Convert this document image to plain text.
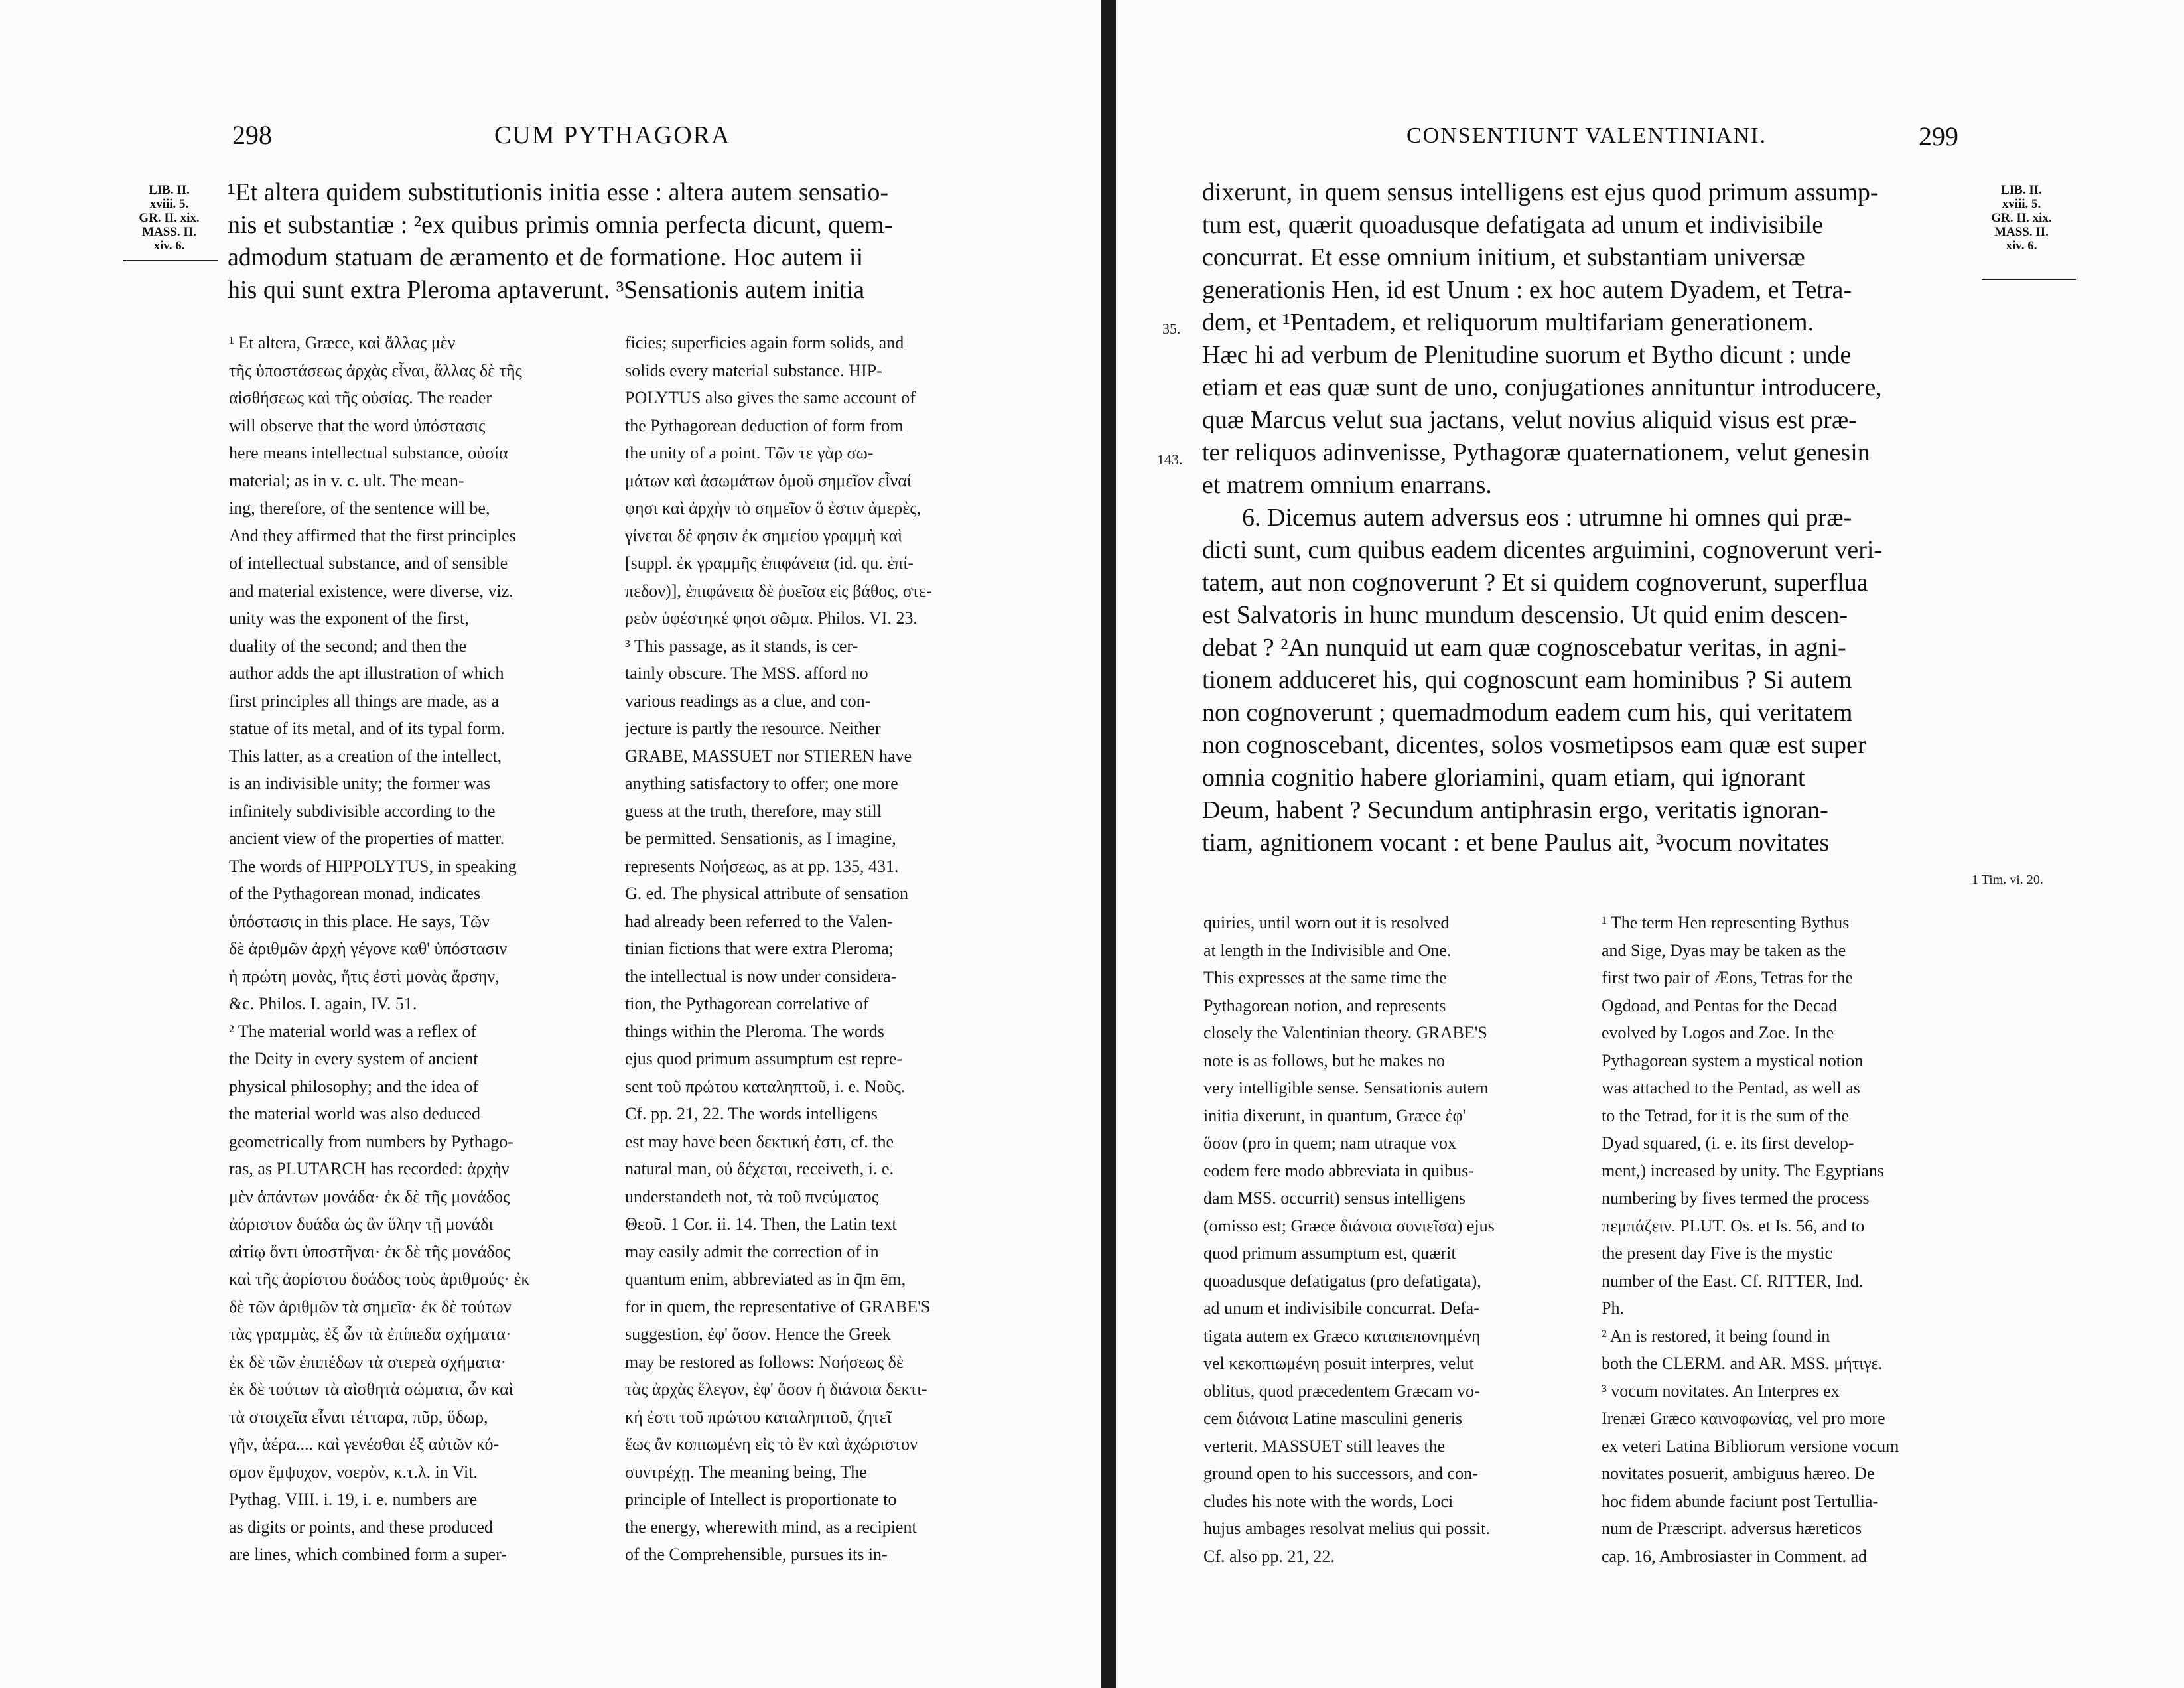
298	CUM PYTHAGORA
LIB. II.
xviii. 5.
GR. II. xix.
MASS. II.
xiv. 6.
¹Et altera quidem substitutionis initia esse : altera autem sensatio-
nis et substantiæ : ²ex quibus primis omnia perfecta dicunt, quem-
admodum statuam de æramento et de formatione. Hoc autem ii
his qui sunt extra Pleroma aptaverunt. ³Sensationis autem initia
¹ Et altera, Græce, καὶ ἄλλας μὲν
τῆς ὑποστάσεως ἀρχὰς εἶναι, ἄλλας δὲ τῆς
αἰσθήσεως καὶ τῆς οὐσίας. The reader
will observe that the word ὑπόστασις
here means intellectual substance, οὐσία
material; as in v. c. ult. The mean-
ing, therefore, of the sentence will be,
And they affirmed that the first principles
of intellectual substance, and of sensible
and material existence, were diverse, viz.
unity was the exponent of the first,
duality of the second; and then the
author adds the apt illustration of which
first principles all things are made, as a
statue of its metal, and of its typal form.
This latter, as a creation of the intellect,
is an indivisible unity; the former was
infinitely subdivisible according to the
ancient view of the properties of matter.
The words of HIPPOLYTUS, in speaking
of the Pythagorean monad, indicates
ὑπόστασις in this place. He says, Τῶν
δὲ ἀριθμῶν ἀρχὴ γέγονε καθ' ὑπόστασιν
ἡ πρώτη μονὰς, ἥτις ἐστὶ μονὰς ἄρσην,
&c. Philos. I. again, IV. 51.
² The material world was a reflex of
the Deity in every system of ancient
physical philosophy; and the idea of
the material world was also deduced
geometrically from numbers by Pythago-
ras, as PLUTARCH has recorded: ἀρχὴν
μὲν ἁπάντων μονάδα· ἐκ δὲ τῆς μονάδος
ἀόριστον δυάδα ὡς ἂν ὕλην τῇ μονάδι
αἰτίῳ ὄντι ὑποστῆναι· ἐκ δὲ τῆς μονάδος
καὶ τῆς ἀορίστου δυάδος τοὺς ἀριθμούς· ἐκ
δὲ τῶν ἀριθμῶν τὰ σημεῖα· ἐκ δὲ τούτων
τὰς γραμμὰς, ἐξ ὧν τὰ ἐπίπεδα σχήματα·
ἐκ δὲ τῶν ἐπιπέδων τὰ στερεὰ σχήματα·
ἐκ δὲ τούτων τὰ αἰσθητὰ σώματα, ὧν καὶ
τὰ στοιχεῖα εἶναι τέτταρα, πῦρ, ὕδωρ,
γῆν, ἀέρα.... καὶ γενέσθαι ἐξ αὐτῶν κό-
σμον ἔμψυχον, νοερὸν, κ.τ.λ. in Vit.
Pythag. VIII. i. 19, i. e. numbers are
as digits or points, and these produced
are lines, which combined form a super-
ficies; superficies again form solids, and
solids every material substance. HIP-
POLYTUS also gives the same account of
the Pythagorean deduction of form from
the unity of a point. Τῶν τε γὰρ σω-
μάτων καὶ ἀσωμάτων ὁμοῦ σημεῖον εἶναί
φησι καὶ ἀρχὴν τὸ σημεῖον ὅ ἐστιν ἀμερὲς,
γίνεται δέ φησιν ἐκ σημείου γραμμὴ καὶ
[suppl. ἐκ γραμμῆς ἐπιφάνεια (id. qu. ἐπί-
πεδον)], ἐπιφάνεια δὲ ῥυεῖσα εἰς βάθος, στε-
ρεὸν ὑφέστηκέ φησι σῶμα. Philos. VI. 23.
³ This passage, as it stands, is cer-
tainly obscure. The MSS. afford no
various readings as a clue, and con-
jecture is partly the resource. Neither
GRABE, MASSUET nor STIEREN have
anything satisfactory to offer; one more
guess at the truth, therefore, may still
be permitted. Sensationis, as I imagine,
represents Νοήσεως, as at pp. 135, 431.
G. ed. The physical attribute of sensation
had already been referred to the Valen-
tinian fictions that were extra Pleroma;
the intellectual is now under considera-
tion, the Pythagorean correlative of
things within the Pleroma. The words
ejus quod primum assumptum est repre-
sent τοῦ πρώτου καταληπτοῦ, i. e. Νοῦς.
Cf. pp. 21, 22. The words intelligens
est may have been δεκτική ἐστι, cf. the
natural man, οὐ δέχεται, receiveth, i. e.
understandeth not, τὰ τοῦ πνεύματος
Θεοῦ. 1 Cor. ii. 14. Then, the Latin text
may easily admit the correction of in
quantum enim, abbreviated as in q̄m ēm,
for in quem, the representative of GRABE'S
suggestion, ἐφ' ὅσον. Hence the Greek
may be restored as follows: Νοήσεως δὲ
τὰς ἀρχὰς ἔλεγον, ἐφ' ὅσον ἡ διάνοια δεκτι-
κή ἐστι τοῦ πρώτου καταληπτοῦ, ζητεῖ
ἕως ἂν κοπιωμένη εἰς τὸ ἓν καὶ ἀχώριστον
συντρέχῃ. The meaning being, The
principle of Intellect is proportionate to
the energy, wherewith mind, as a recipient
of the Comprehensible, pursues its in-
CONSENTIUNT VALENTINIANI.	299
LIB. II.
xviii. 5.
GR. II. xix.
MASS. II.
xiv. 6.
35.
143.
1 Tim. vi. 20.
dixerunt, in quem sensus intelligens est ejus quod primum assump-
tum est, quærit quoadusque defatigata ad unum et indivisibile
concurrat. Et esse omnium initium, et substantiam universæ
generationis Hen, id est Unum : ex hoc autem Dyadem, et Tetra-
dem, et ¹Pentadem, et reliquorum multifariam generationem.
Hæc hi ad verbum de Plenitudine suorum et Bytho dicunt : unde
etiam et eas quæ sunt de uno, conjugationes annituntur introducere,
quæ Marcus velut sua jactans, velut novius aliquid visus est præ-
ter reliquos adinvenisse, Pythagoræ quaternationem, velut genesin
et matrem omnium enarrans.
6. Dicemus autem adversus eos : utrumne hi omnes qui præ-
dicti sunt, cum quibus eadem dicentes arguimini, cognoverunt veri-
tatem, aut non cognoverunt ? Et si quidem cognoverunt, superflua
est Salvatoris in hunc mundum descensio. Ut quid enim descen-
debat ? ²An nunquid ut eam quæ cognoscebatur veritas, in agni-
tionem adduceret his, qui cognoscunt eam hominibus ? Si autem
non cognoverunt ; quemadmodum eadem cum his, qui veritatem
non cognoscebant, dicentes, solos vosmetipsos eam quæ est super
omnia cognitio habere gloriamini, quam etiam, qui ignorant
Deum, habent ? Secundum antiphrasin ergo, veritatis ignoran-
tiam, agnitionem vocant : et bene Paulus ait, ³vocum novitates
quiries, until worn out it is resolved
at length in the Indivisible and One.
This expresses at the same time the
Pythagorean notion, and represents
closely the Valentinian theory. GRABE'S
note is as follows, but he makes no
very intelligible sense. Sensationis autem
initia dixerunt, in quantum, Græce ἐφ'
ὅσον (pro in quem; nam utraque vox
eodem fere modo abbreviata in quibus-
dam MSS. occurrit) sensus intelligens
(omisso est; Græce διάνοια συνιεῖσα) ejus
quod primum assumptum est, quærit
quoadusque defatigatus (pro defatigata),
ad unum et indivisibile concurrat. Defa-
tigata autem ex Græco καταπεπονημένη
vel κεκοπιωμένη posuit interpres, velut
oblitus, quod præcedentem Græcam vo-
cem διάνοια Latine masculini generis
verterit. MASSUET still leaves the
ground open to his successors, and con-
cludes his note with the words, Loci
hujus ambages resolvat melius qui possit.
Cf. also pp. 21, 22.
¹ The term Hen representing Bythus
and Sige, Dyas may be taken as the
first two pair of Æons, Tetras for the
Ogdoad, and Pentas for the Decad
evolved by Logos and Zoe. In the
Pythagorean system a mystical notion
was attached to the Pentad, as well as
to the Tetrad, for it is the sum of the
Dyad squared, (i. e. its first develop-
ment,) increased by unity. The Egyptians
numbering by fives termed the process
πεμπάζειν. PLUT. Os. et Is. 56, and to
the present day Five is the mystic
number of the East. Cf. RITTER, Ind.
Ph.
² An is restored, it being found in
both the CLERM. and AR. MSS. μήτιγε.
³ vocum novitates. An Interpres ex
Irenæi Græco καινοφωνίας, vel pro more
ex veteri Latina Bibliorum versione vocum
novitates posuerit, ambiguus hæreo. De
hoc fidem abunde faciunt post Tertullia-
num de Præscript. adversus hæreticos
cap. 16, Ambrosiaster in Comment. ad
